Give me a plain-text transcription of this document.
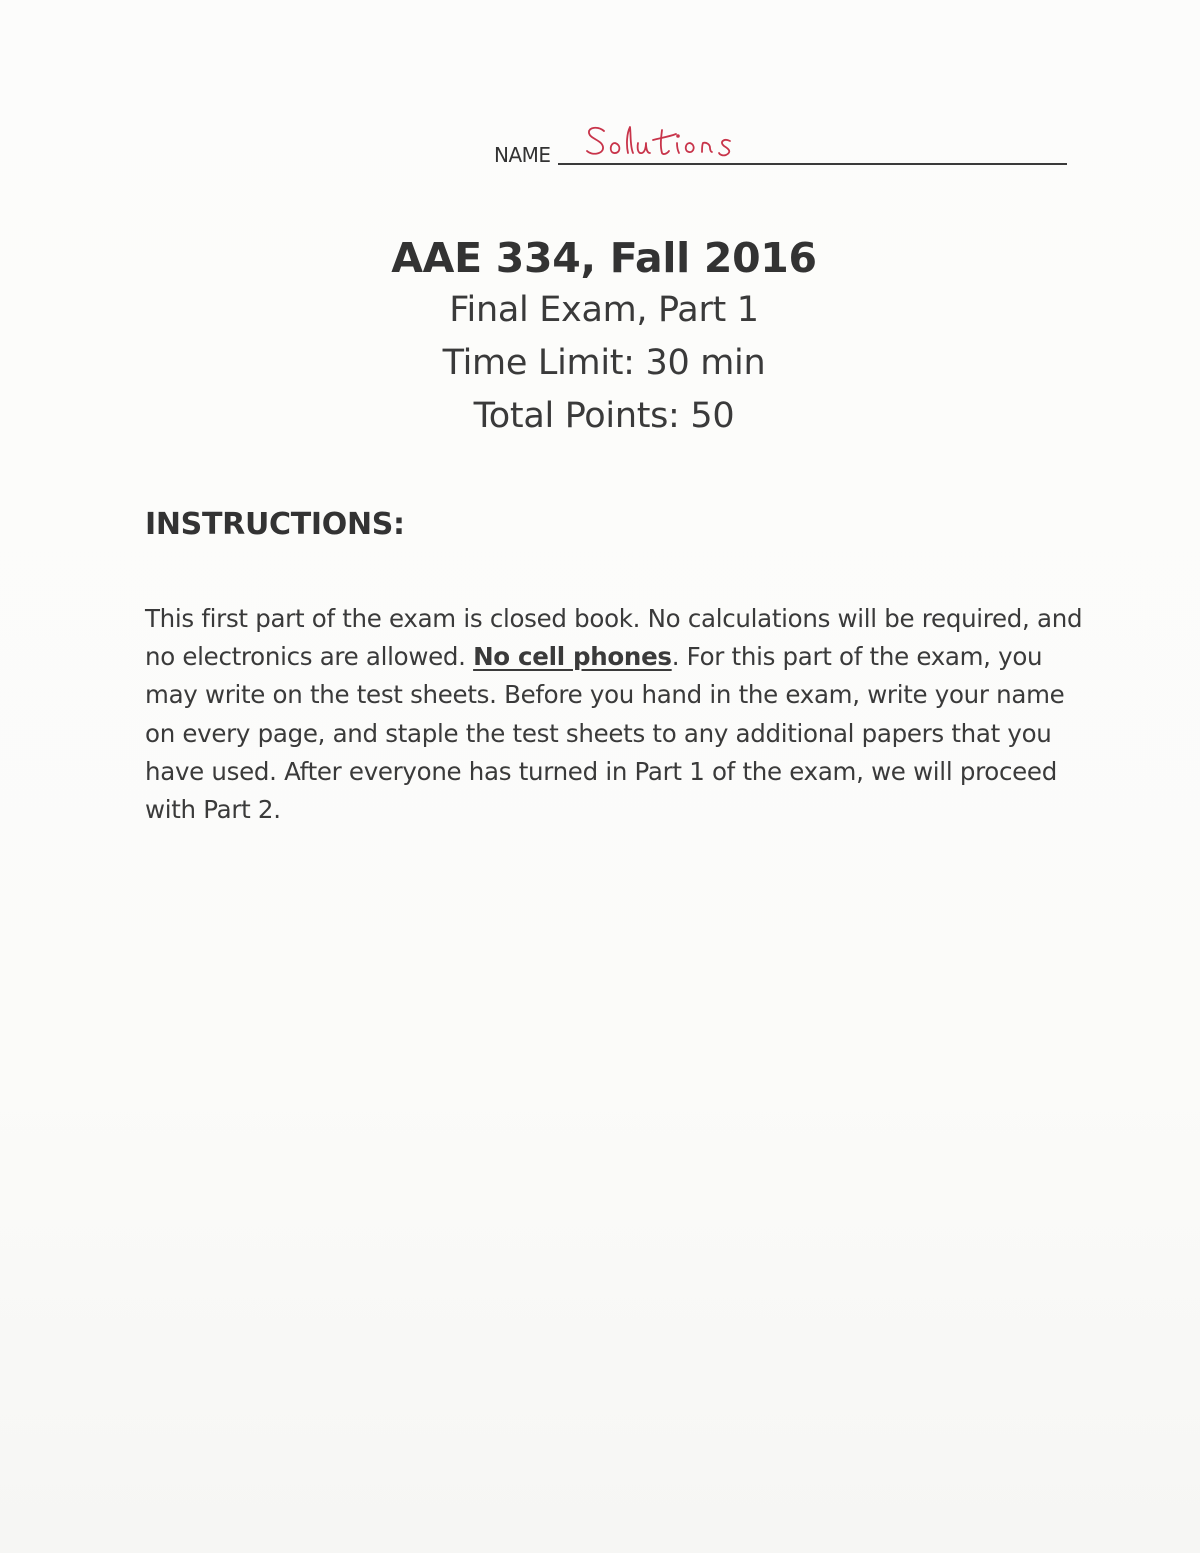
NAME

AAE 334, Fall 2016

Final Exam, Part 1

Time Limit: 30 min

Total Points: 50

INSTRUCTIONS:

This first part of the exam is closed book. No calculations will be required, and no electronics are allowed. No cell phones. For this part of the exam, you may write on the test sheets. Before you hand in the exam, write your name on every page, and staple the test sheets to any additional papers that you have used. After everyone has turned in Part 1 of the exam, we will proceed with Part 2.
